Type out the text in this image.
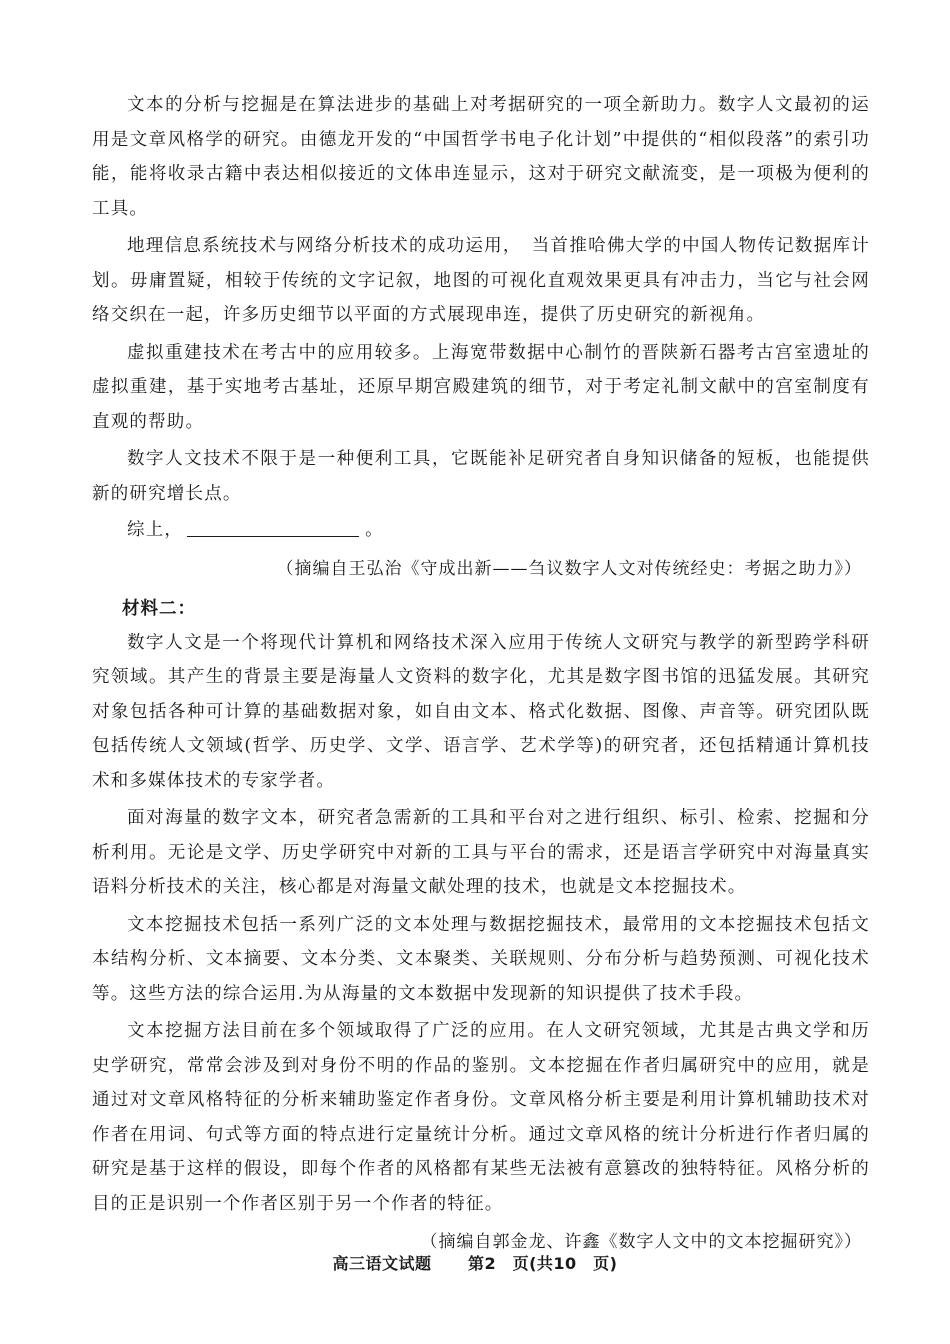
文本的分析与挖掘是在算法进步的基础上对考据研究的一项全新助力。数字人文最初的运用是文章风格学的研究。由德龙开发的“中国哲学书电子化计划”中提供的“相似段落”的索引功能，能将收录古籍中表达相似接近的文体串连显示，这对于研究文献流变，是一项极为便利的工具。

地理信息系统技术与网络分析技术的成功运用，　当首推哈佛大学的中国人物传记数据库计划。毋庸置疑，相较于传统的文字记叙，地图的可视化直观效果更具有冲击力，当它与社会网络交织在一起，许多历史细节以平面的方式展现串连，提供了历史研究的新视角。

虚拟重建技术在考古中的应用较多。上海宽带数据中心制竹的晋陕新石器考古宫室遗址的虚拟重建，基于实地考古基址，还原早期宫殿建筑的细节，对于考定礼制文献中的宫室制度有直观的帮助。

数字人文技术不限于是一种便利工具，它既能补足研究者自身知识储备的短板，也能提供新的研究增长点。

综上，	。

（摘编自王弘治《守成出新——刍议数字人文对传统经史：考据之助力》）

材料二：

数字人文是一个将现代计算机和网络技术深入应用于传统人文研究与教学的新型跨学科研究领域。其产生的背景主要是海量人文资料的数字化，尤其是数字图书馆的迅猛发展。其研究对象包括各种可计算的基础数据对象，如自由文本、格式化数据、图像、声音等。研究团队既包括传统人文领域(哲学、历史学、文学、语言学、艺术学等)的研究者，还包括精通计算机技术和多媒体技术的专家学者。

面对海量的数字文本，研究者急需新的工具和平台对之进行组织、标引、检索、挖掘和分析利用。无论是文学、历史学研究中对新的工具与平台的需求，还是语言学研究中对海量真实语料分析技术的关注，核心都是对海量文献处理的技术，也就是文本挖掘技术。

文本挖掘技术包括一系列广泛的文本处理与数据挖掘技术，最常用的文本挖掘技术包括文本结构分析、文本摘要、文本分类、文本聚类、关联规则、分布分析与趋势预测、可视化技术等。这些方法的综合运用.为从海量的文本数据中发现新的知识提供了技术手段。

文本挖掘方法目前在多个领域取得了广泛的应用。在人文研究领域，尤其是古典文学和历史学研究，常常会涉及到对身份不明的作品的鉴别。文本挖掘在作者归属研究中的应用，就是通过对文章风格特征的分析来辅助鉴定作者身份。文章风格分析主要是利用计算机辅助技术对作者在用词、句式等方面的特点进行定量统计分析。通过文章风格的统计分析进行作者归属的研究是基于这样的假设，即每个作者的风格都有某些无法被有意篡改的独特特征。风格分析的目的正是识别一个作者区别于另一个作者的特征。

（摘编自郭金龙、许鑫《数字人文中的文本挖掘研究》）

高三语文试题 第2　页(共10　页)
